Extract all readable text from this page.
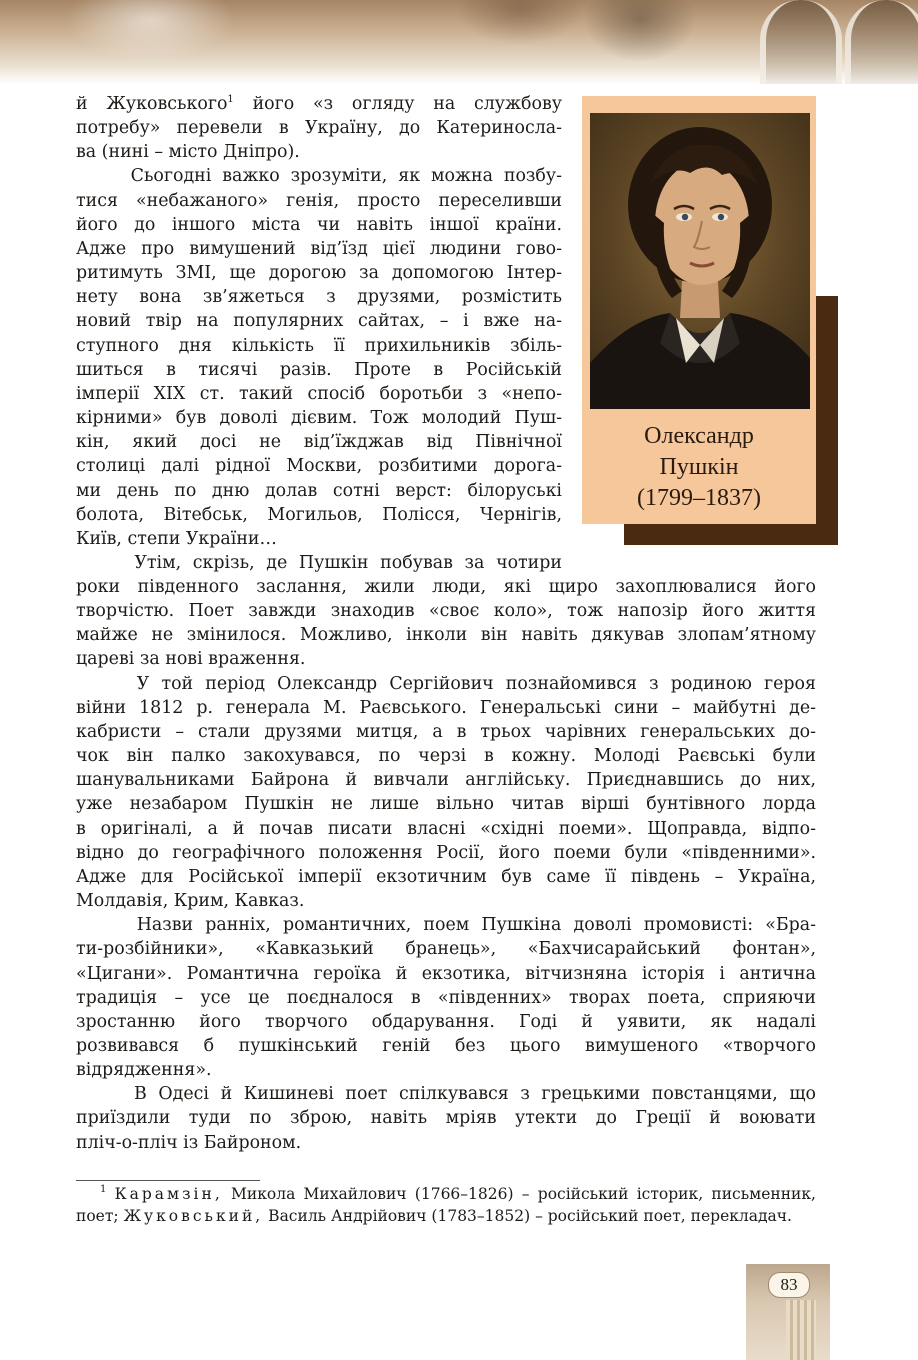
й Жуковського$^1$ його «з огляду на службову
потребу» перевели в Україну, до Катериносла-
ва (нині – місто Дніпро).
Сьогодні важко зрозуміти, як можна позбу-
тися «небажаного» генія, просто переселивши
його до іншого міста чи навіть іншої країни.
Адже про вимушений від’їзд цієї людини гово-
ритимуть ЗМІ, ще дорогою за допомогою Інтер-
нету вона зв’яжеться з друзями, розмістить
новий твір на популярних сайтах, – і вже на-
ступного дня кількість її прихильників збіль-
шиться в тисячі разів. Проте в Російській
імперії XIX ст. такий спосіб боротьби з «непо-
кірними» був доволі дієвим. Тож молодий Пуш-
кін, який досі не від’їжджав від Північної
столиці далі рідної Москви, розбитими дорога-
ми день по дню долав сотні верст: білоруські
болота, Вітебськ, Могильов, Полісся, Чернігів,
Київ, степи України…
Утім, скрізь, де Пушкін побував за чотири
роки південного заслання, жили люди, які щиро захоплювалися його
творчістю. Поет завжди знаходив «своє коло», тож напозір його життя
майже не змінилося. Можливо, інколи він навіть дякував злопам’ятному
цареві за нові враження.
У той період Олександр Сергійович познайомився з родиною героя
війни 1812 р. генерала М. Раєвського. Генеральські сини – майбутні де-
кабристи – стали друзями митця, а в трьох чарівних генеральських до-
чок він палко закохувався, по черзі в кожну. Молоді Раєвські були
шанувальниками Байрона й вивчали англійську. Приєднавшись до них,
уже незабаром Пушкін не лише вільно читав вірші бунтівного лорда
в оригіналі, а й почав писати власні «східні поеми». Щоправда, відпо-
відно до географічного положення Росії, його поеми були «південними».
Адже для Російської імперії екзотичним був саме її південь – Україна,
Молдавія, Крим, Кавказ.
Назви ранніх, романтичних, поем Пушкіна доволі промовисті: «Бра-
ти-розбійники», «Кавказький бранець», «Бахчисарайський фонтан»,
«Цигани». Романтична героїка й екзотика, вітчизняна історія і антична
традиція – усе це поєдналося в «південних» творах поета, сприяючи
зростанню його творчого обдарування. Годі й уявити, як надалі
розвивався б пушкінський геній без цього вимушеного «творчого
відрядження».
В Одесі й Кишиневі поет спілкувався з грецькими повстанцями, що
приїздили туди по зброю, навіть мріяв утекти до Греції й воювати
пліч-о-пліч із Байроном.
Олександр
Пушкін
(1799–1837)

$^1$ Карамзін, Микола Михайлович (1766–1826) – російський історик, письменник, поет; Жуковський, Василь Андрійович (1783–1852) – російський поет, перекладач.

83
